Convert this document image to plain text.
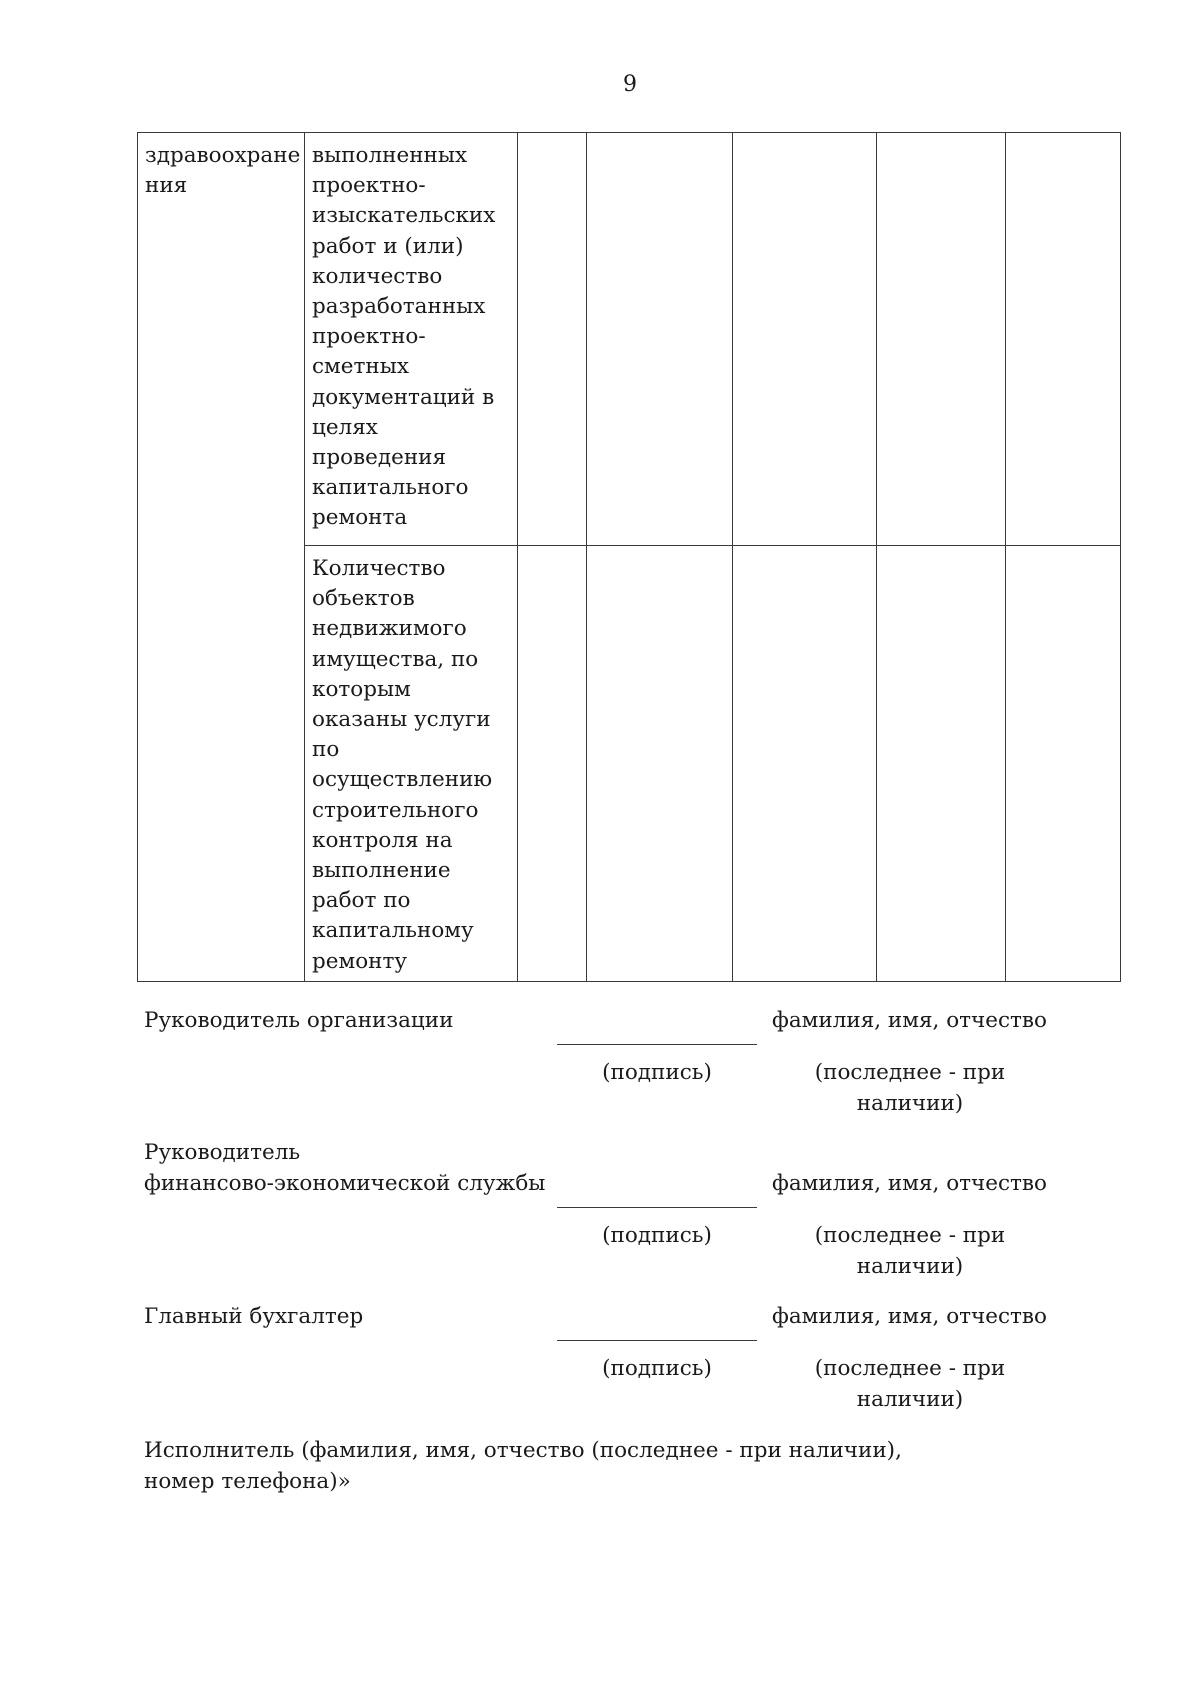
9
здравоохране ния	выполненных проектно-изыскательских работ и (или) количество разработанных проектно-сметных документаций в целях проведения капитального ремонта					
	Количество объектов недвижимого имущества, по которым оказаны услуги по осуществлению строительного контроля на выполнение работ по капитальному ремонту					
Руководитель организации	фамилия, имя, отчество
(подпись)	(последнее - при наличии)
Руководитель
финансово-экономической службы	фамилия, имя, отчество
(подпись)	(последнее - при наличии)
Главный бухгалтер	фамилия, имя, отчество
(подпись)	(последнее - при наличии)
Исполнитель (фамилия, имя, отчество (последнее - при наличии),
номер телефона)»
